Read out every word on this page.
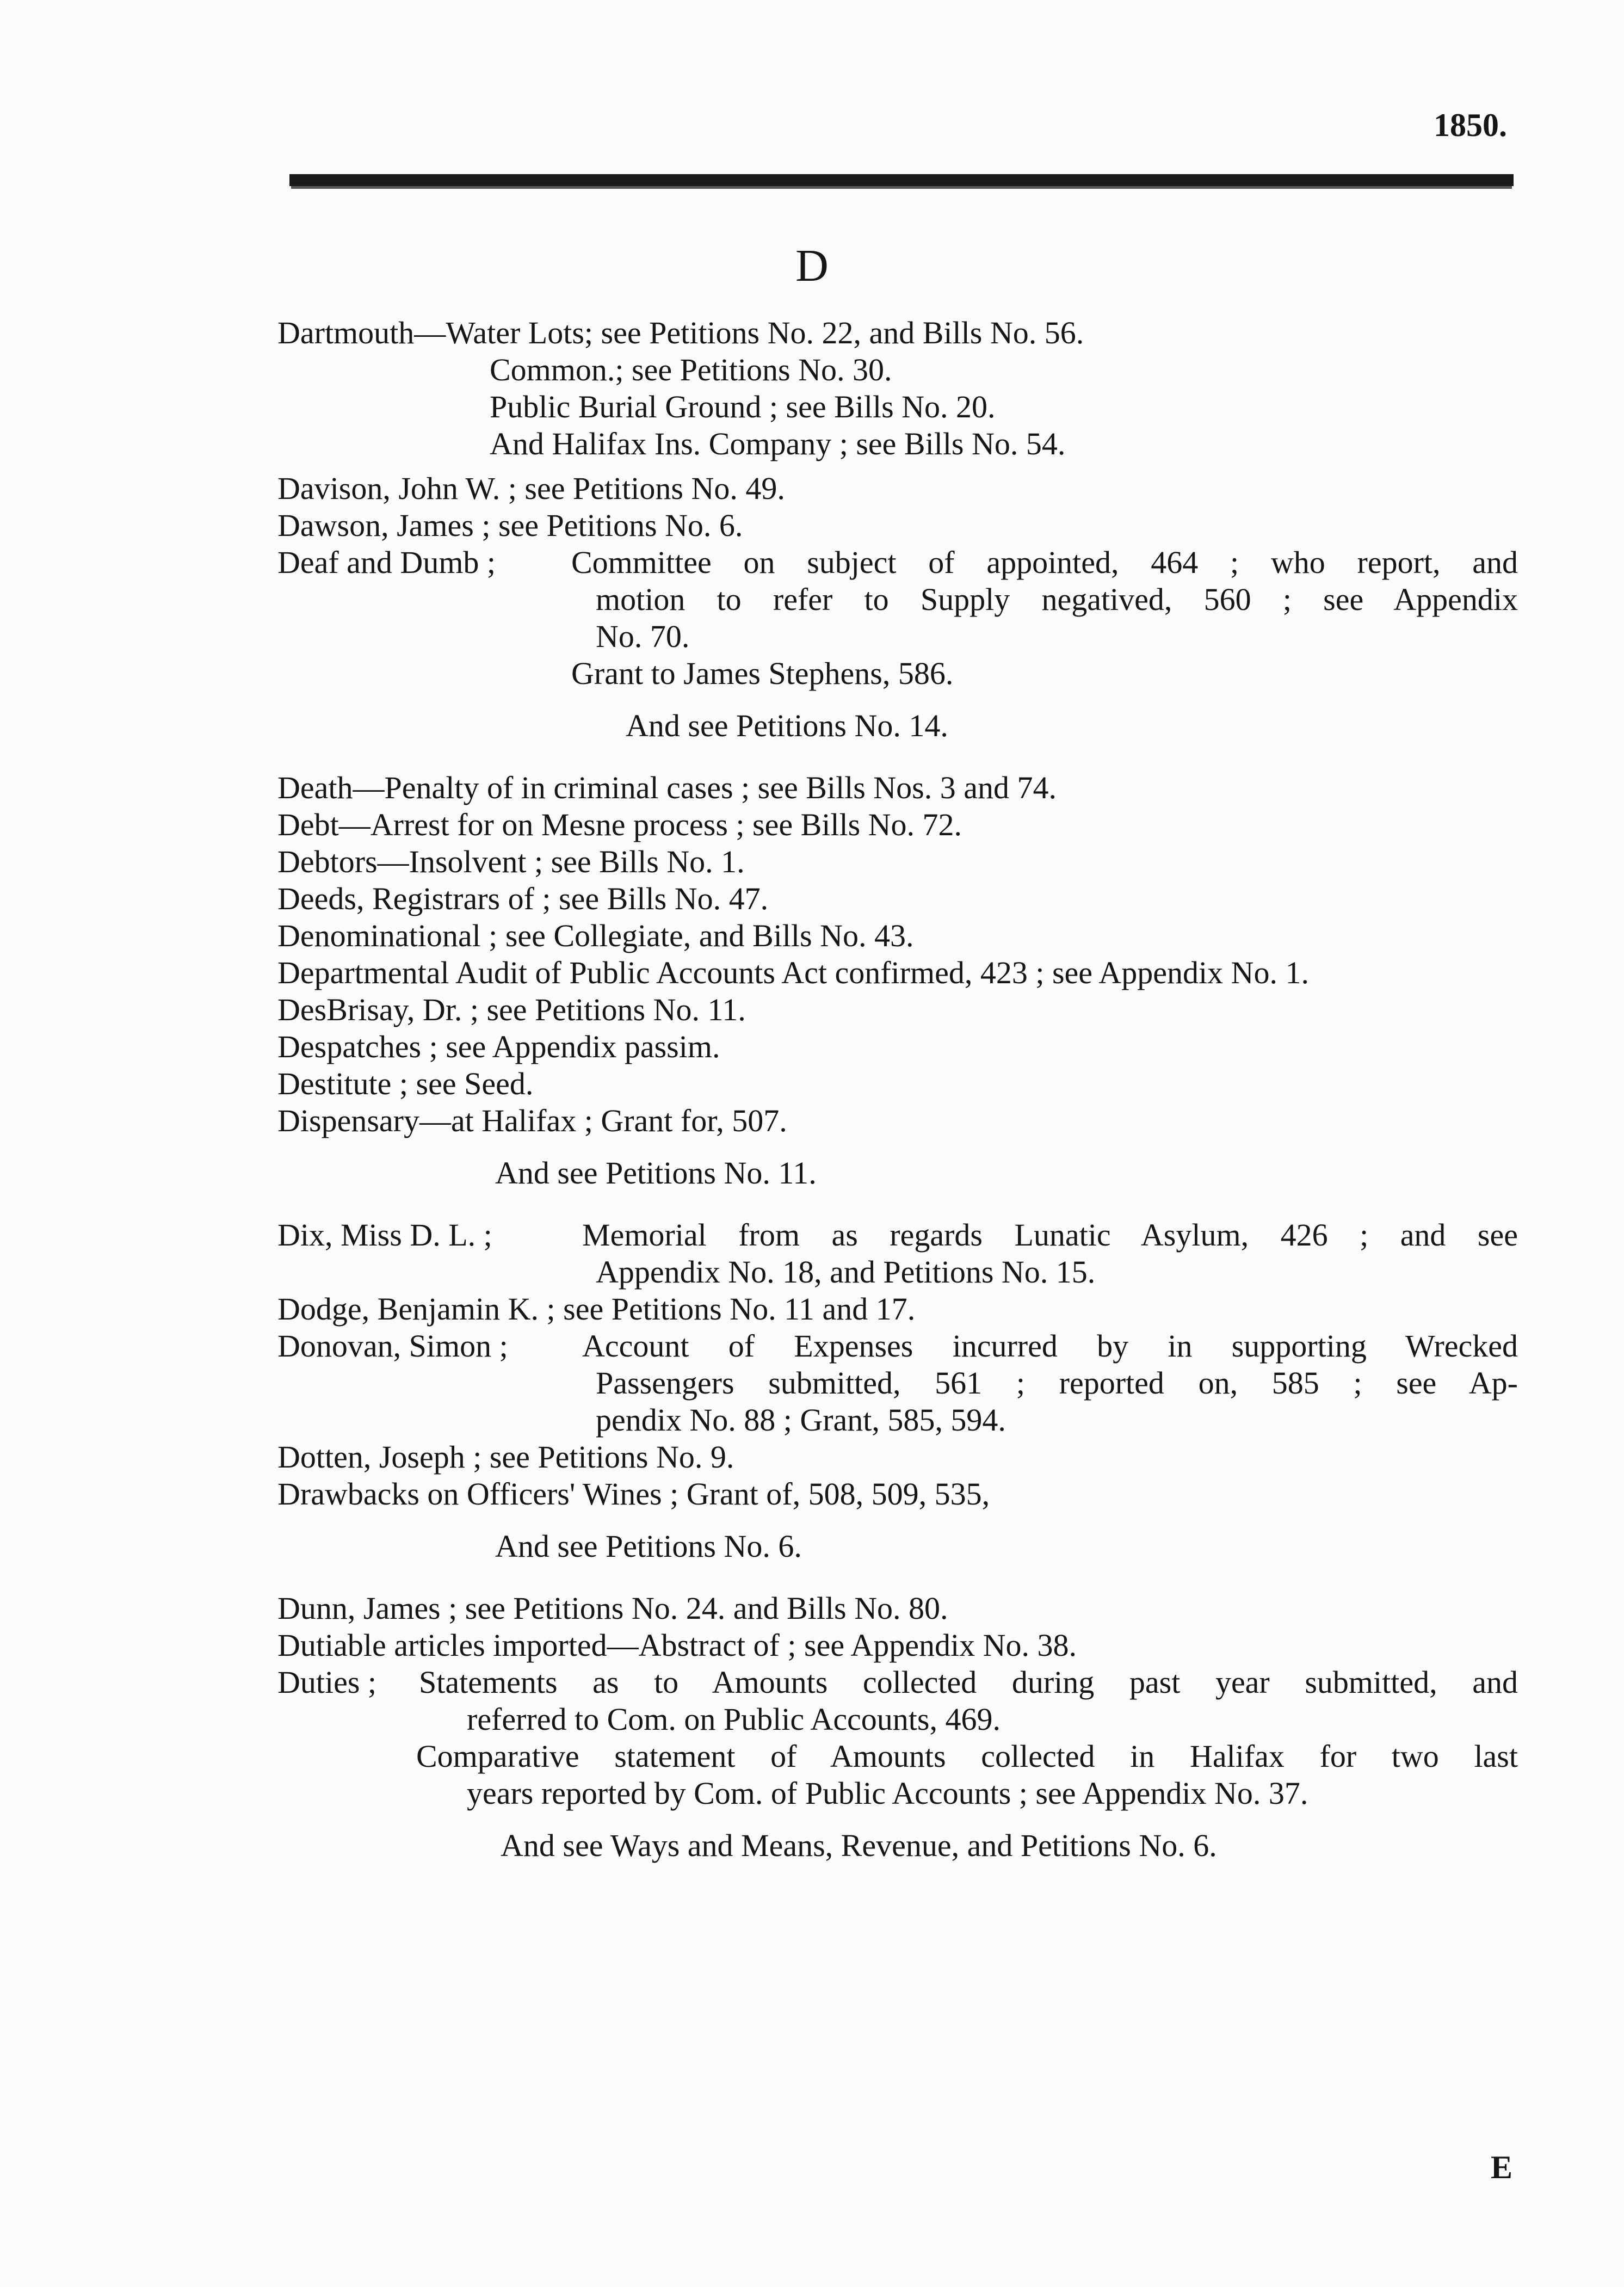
1850.
D
Dartmouth—Water Lots; see Petitions No. 22, and Bills No. 56.
Common.; see Petitions No. 30.
Public Burial Ground ; see Bills No. 20.
And Halifax Ins. Company ; see Bills No. 54.
Davison, John W. ; see Petitions No. 49.
Dawson, James ; see Petitions No. 6.
Deaf and Dumb ;	Committee on subject of appointed, 464 ; who report, and
motion to refer to Supply negatived, 560 ; see Appendix
No. 70.
Grant to James Stephens, 586.
And see Petitions No. 14.
Death—Penalty of in criminal cases ; see Bills Nos. 3 and 74.
Debt—Arrest for on Mesne process ; see Bills No. 72.
Debtors—Insolvent ; see Bills No. 1.
Deeds, Registrars of ; see Bills No. 47.
Denominational ; see Collegiate, and Bills No. 43.
Departmental Audit of Public Accounts Act confirmed, 423 ; see Appendix No. 1.
DesBrisay, Dr. ; see Petitions No. 11.
Despatches ; see Appendix passim.
Destitute ; see Seed.
Dispensary—at Halifax ; Grant for, 507.
And see Petitions No. 11.
Dix, Miss D. L. ;	Memorial from as regards Lunatic Asylum, 426 ; and see
Appendix No. 18, and Petitions No. 15.
Dodge, Benjamin K. ; see Petitions No. 11 and 17.
Donovan, Simon ;	Account of Expenses incurred by in supporting Wrecked
Passengers submitted, 561 ; reported on, 585 ; see Ap-
pendix No. 88 ; Grant, 585, 594.
Dotten, Joseph ; see Petitions No. 9.
Drawbacks on Officers' Wines ; Grant of, 508, 509, 535,
And see Petitions No. 6.
Dunn, James ; see Petitions No. 24. and Bills No. 80.
Dutiable articles imported—Abstract of ; see Appendix No. 38.
Duties ;	Statements as to Amounts collected during past year submitted, and
referred to Com. on Public Accounts, 469.
Comparative statement of Amounts collected in Halifax for two last
years reported by Com. of Public Accounts ; see Appendix No. 37.
And see Ways and Means, Revenue, and Petitions No. 6.
E
